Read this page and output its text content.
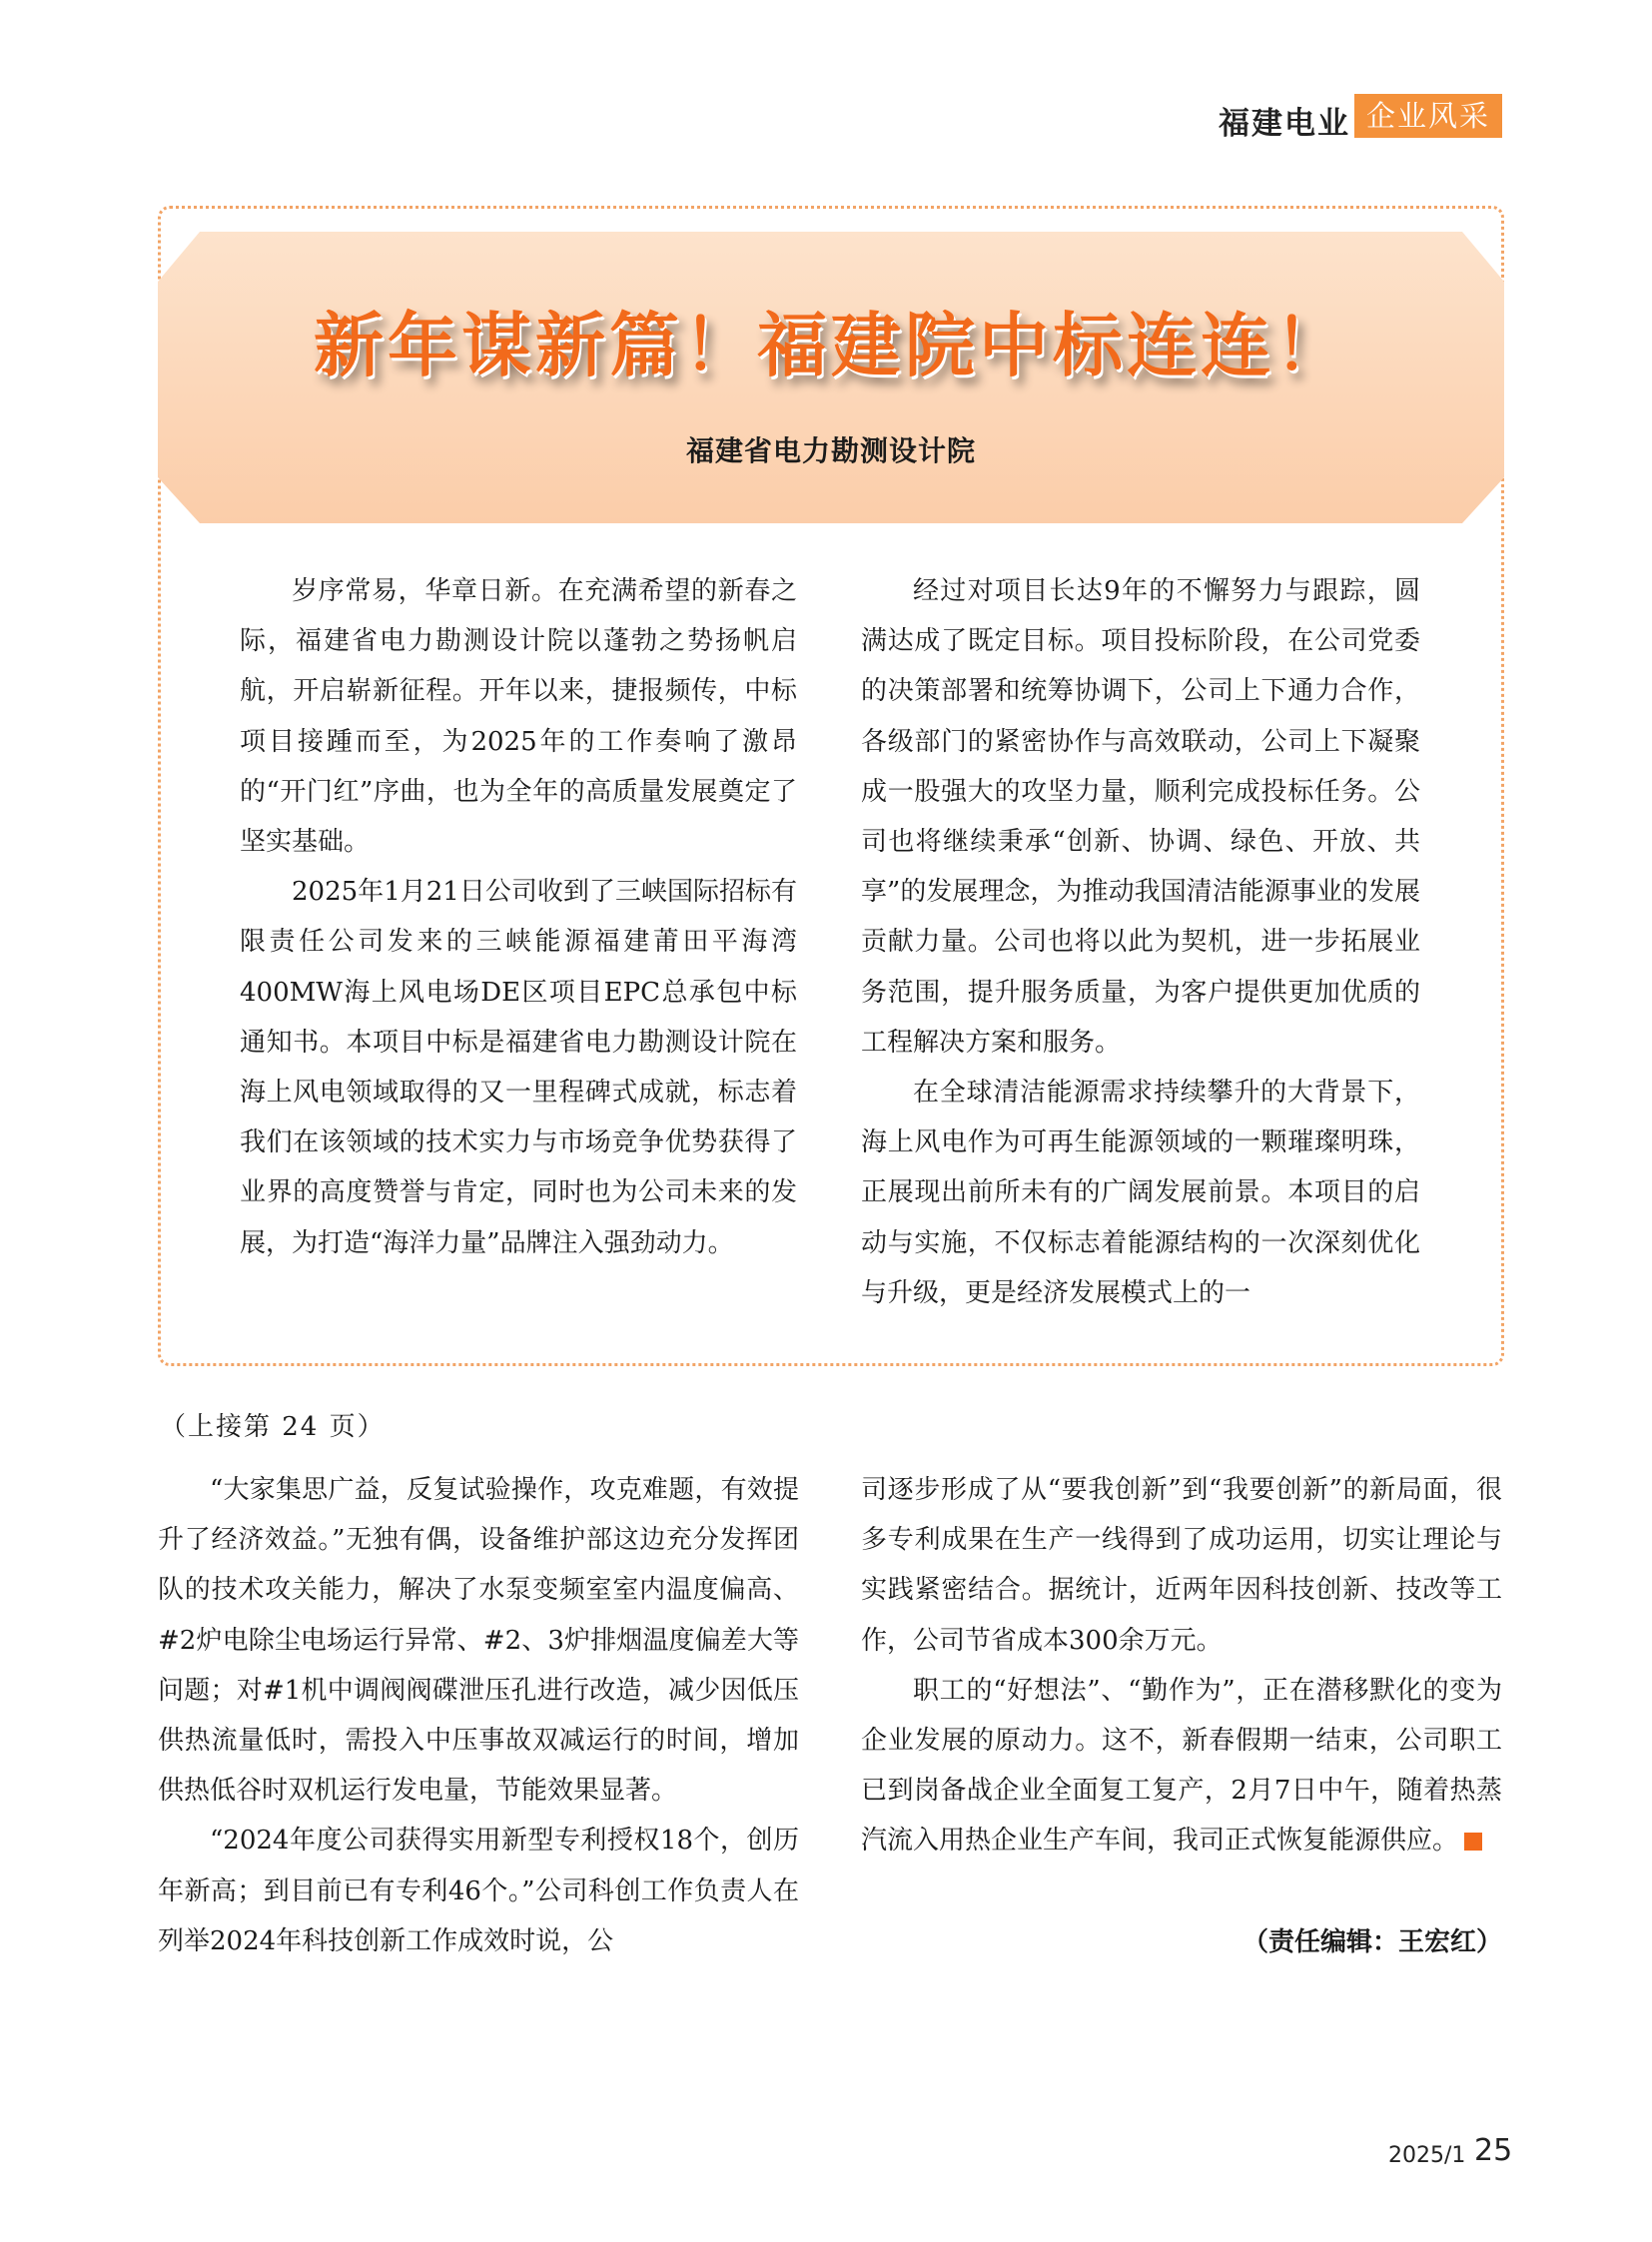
福建电业 企业风采
新年谋新篇！福建院中标连连！
福建省电力勘测设计院

岁序常易，华章日新。在充满希望的新春之际，福建省电力勘测设计院以蓬勃之势扬帆启航，开启崭新征程。开年以来，捷报频传，中标项目接踵而至，为2025年的工作奏响了激昂的“开门红”序曲，也为全年的高质量发展奠定了坚实基础。

2025年1月21日公司收到了三峡国际招标有限责任公司发来的三峡能源福建莆田平海湾400MW海上风电场DE区项目EPC总承包中标通知书。本项目中标是福建省电力勘测设计院在海上风电领域取得的又一里程碑式成就，标志着我们在该领域的技术实力与市场竞争优势获得了业界的高度赞誉与肯定，同时也为公司未来的发展，为打造“海洋力量”品牌注入强劲动力。

经过对项目长达9年的不懈努力与跟踪，圆满达成了既定目标。项目投标阶段，在公司党委的决策部署和统筹协调下，公司上下通力合作，各级部门的紧密协作与高效联动，公司上下凝聚成一股强大的攻坚力量，顺利完成投标任务。公司也将继续秉承“创新、协调、绿色、开放、共享”的发展理念，为推动我国清洁能源事业的发展贡献力量。公司也将以此为契机，进一步拓展业务范围，提升服务质量，为客户提供更加优质的工程解决方案和服务。

在全球清洁能源需求持续攀升的大背景下，海上风电作为可再生能源领域的一颗璀璨明珠，正展现出前所未有的广阔发展前景。本项目的启动与实施，不仅标志着能源结构的一次深刻优化与升级，更是经济发展模式上的一

（上接第 24 页）

“大家集思广益，反复试验操作，攻克难题，有效提升了经济效益。”无独有偶，设备维护部这边充分发挥团队的技术攻关能力，解决了水泵变频室室内温度偏高、#2炉电除尘电场运行异常、#2、3炉排烟温度偏差大等问题；对#1机中调阀阀碟泄压孔进行改造，减少因低压供热流量低时，需投入中压事故双减运行的时间，增加供热低谷时双机运行发电量，节能效果显著。

“2024年度公司获得实用新型专利授权18个，创历年新高；到目前已有专利46个。”公司科创工作负责人在列举2024年科技创新工作成效时说，公

司逐步形成了从“要我创新”到“我要创新”的新局面，很多专利成果在生产一线得到了成功运用，切实让理论与实践紧密结合。据统计，近两年因科技创新、技改等工作，公司节省成本300余万元。

职工的“好想法”、“勤作为”，正在潜移默化的变为企业发展的原动力。这不，新春假期一结束，公司职工已到岗备战企业全面复工复产，2月7日中午，随着热蒸汽流入用热企业生产车间，我司正式恢复能源供应。

（责任编辑：王宏红）
2025/1 25
